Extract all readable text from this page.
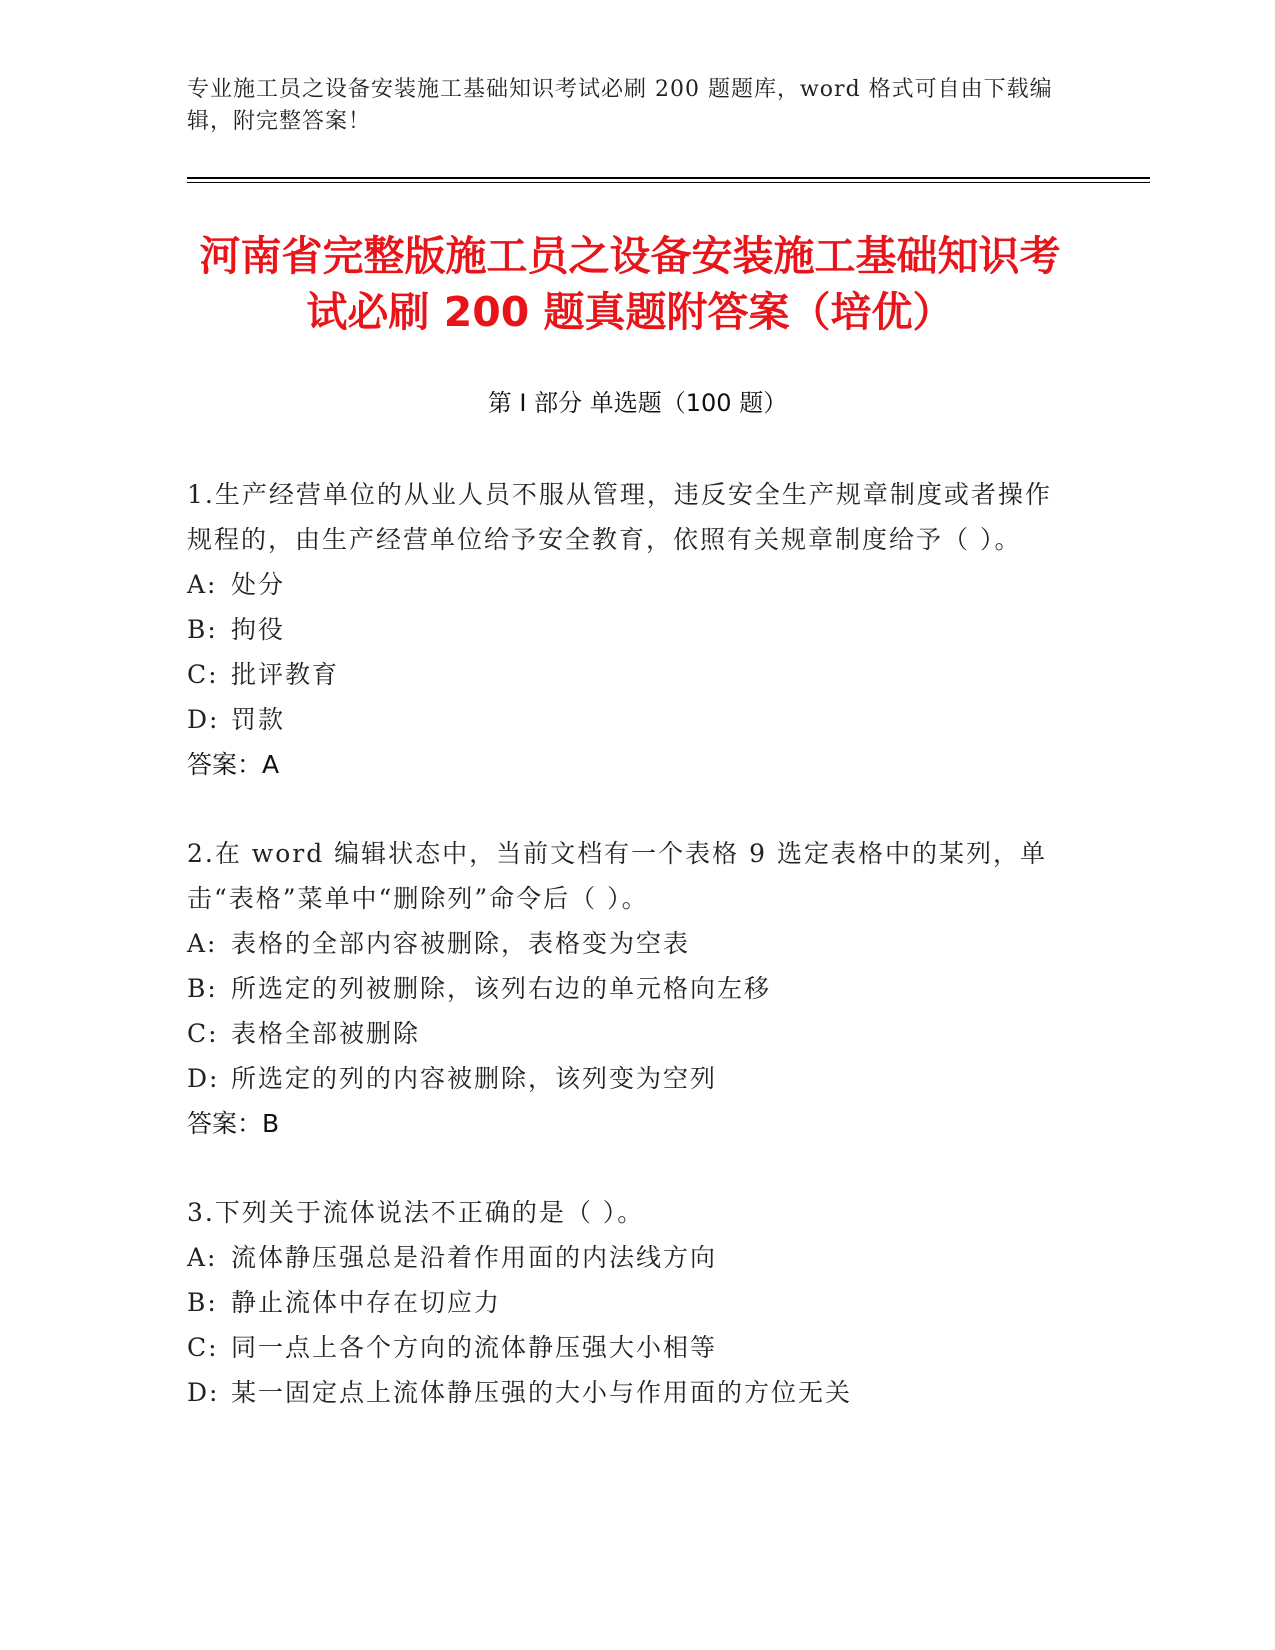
专业施工员之设备安装施工基础知识考试必刷 200 题题库，word 格式可自由下载编辑，附完整答案！
河南省完整版施工员之设备安装施工基础知识考试必刷 200 题真题附答案（培优）
第 I 部分 单选题（100 题）
1.生产经营单位的从业人员不服从管理，违反安全生产规章制度或者操作规程的，由生产经营单位给予安全教育，依照有关规章制度给予（ ）。
A: 处分
B: 拘役
C: 批评教育
D: 罚款
答案：A
2.在 word 编辑状态中，当前文档有一个表格 9 选定表格中的某列，单击“表格”菜单中“删除列”命令后（ ）。
A: 表格的全部内容被删除，表格变为空表
B: 所选定的列被删除，该列右边的单元格向左移
C: 表格全部被删除
D: 所选定的列的内容被删除，该列变为空列
答案：B
3.下列关于流体说法不正确的是（ ）。
A: 流体静压强总是沿着作用面的内法线方向
B: 静止流体中存在切应力
C: 同一点上各个方向的流体静压强大小相等
D: 某一固定点上流体静压强的大小与作用面的方位无关
